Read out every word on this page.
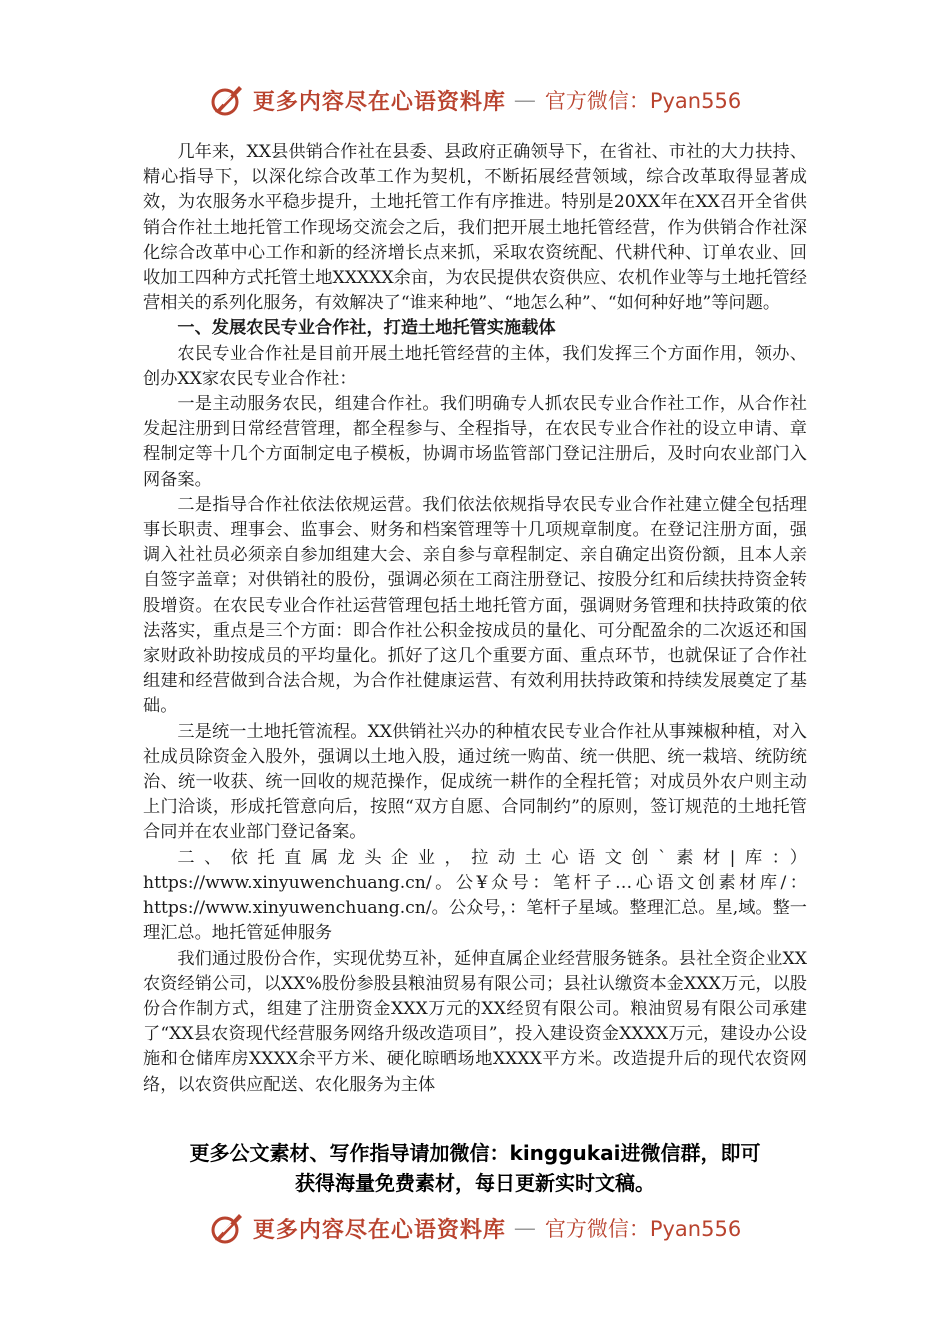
更多内容尽在心语资料库 — 官方微信：Pyan556

几年来，XX县供销合作社在县委、县政府正确领导下，在省社、市社的大力扶持、精心指导下，以深化综合改革工作为契机，不断拓展经营领域，综合改革取得显著成效，为农服务水平稳步提升，土地托管工作有序推进。特别是20XX年在XX召开全省供销合作社土地托管工作现场交流会之后，我们把开展土地托管经营，作为供销合作社深化综合改革中心工作和新的经济增长点来抓，采取农资统配、代耕代种、订单农业、回收加工四种方式托管土地XXXXX余亩，为农民提供农资供应、农机作业等与土地托管经营相关的系列化服务，有效解决了“谁来种地”、“地怎么种”、“如何种好地”等问题。

一、发展农民专业合作社，打造土地托管实施载体

农民专业合作社是目前开展土地托管经营的主体，我们发挥三个方面作用，领办、创办XX家农民专业合作社：

一是主动服务农民，组建合作社。我们明确专人抓农民专业合作社工作，从合作社发起注册到日常经营管理，都全程参与、全程指导，在农民专业合作社的设立申请、章程制定等十几个方面制定电子模板，协调市场监管部门登记注册后，及时向农业部门入网备案。

二是指导合作社依法依规运营。我们依法依规指导农民专业合作社建立健全包括理事长职责、理事会、监事会、财务和档案管理等十几项规章制度。在登记注册方面，强调入社社员必须亲自参加组建大会、亲自参与章程制定、亲自确定出资份额，且本人亲自签字盖章；对供销社的股份，强调必须在工商注册登记、按股分红和后续扶持资金转股增资。在农民专业合作社运营管理包括土地托管方面，强调财务管理和扶持政策的依法落实，重点是三个方面：即合作社公积金按成员的量化、可分配盈余的二次返还和国家财政补助按成员的平均量化。抓好了这几个重要方面、重点环节，也就保证了合作社组建和经营做到合法合规，为合作社健康运营、有效利用扶持政策和持续发展奠定了基础。

三是统一土地托管流程。XX供销社兴办的种植农民专业合作社从事辣椒种植，对入社成员除资金入股外，强调以土地入股，通过统一购苗、统一供肥、统一栽培、统防统治、统一收获、统一回收的规范操作，促成统一耕作的全程托管；对成员外农户则主动上门洽谈，形成托管意向后，按照“双方自愿、合同制约”的原则，签订规范的土地托管合同并在农业部门登记备案。

二、依托直属龙头企业，拉动土心语文创`素材|库：）https://www.xinyuwenchuang.cn/。公¥众号：笔杆子…心语文创素材库/：https://www.xinyuwenchuang.cn/。公众号，：笔杆子星域。整理汇总。星,域。整一理汇总。地托管延伸服务

我们通过股份合作，实现优势互补，延伸直属企业经营服务链条。县社全资企业XX农资经销公司，以XX%股份参股县粮油贸易有限公司；县社认缴资本金XXX万元，以股份合作制方式，组建了注册资金XXX万元的XX经贸有限公司。粮油贸易有限公司承建了“XX县农资现代经营服务网络升级改造项目”，投入建设资金XXXX万元，建设办公设施和仓储库房XXXX余平方米、硬化晾晒场地XXXX平方米。改造提升后的现代农资网络，以农资供应配送、农化服务为主体

更多公文素材、写作指导请加微信：kinggukai进微信群，即可
获得海量免费素材，每日更新实时文稿。
更多内容尽在心语资料库 — 官方微信：Pyan556
